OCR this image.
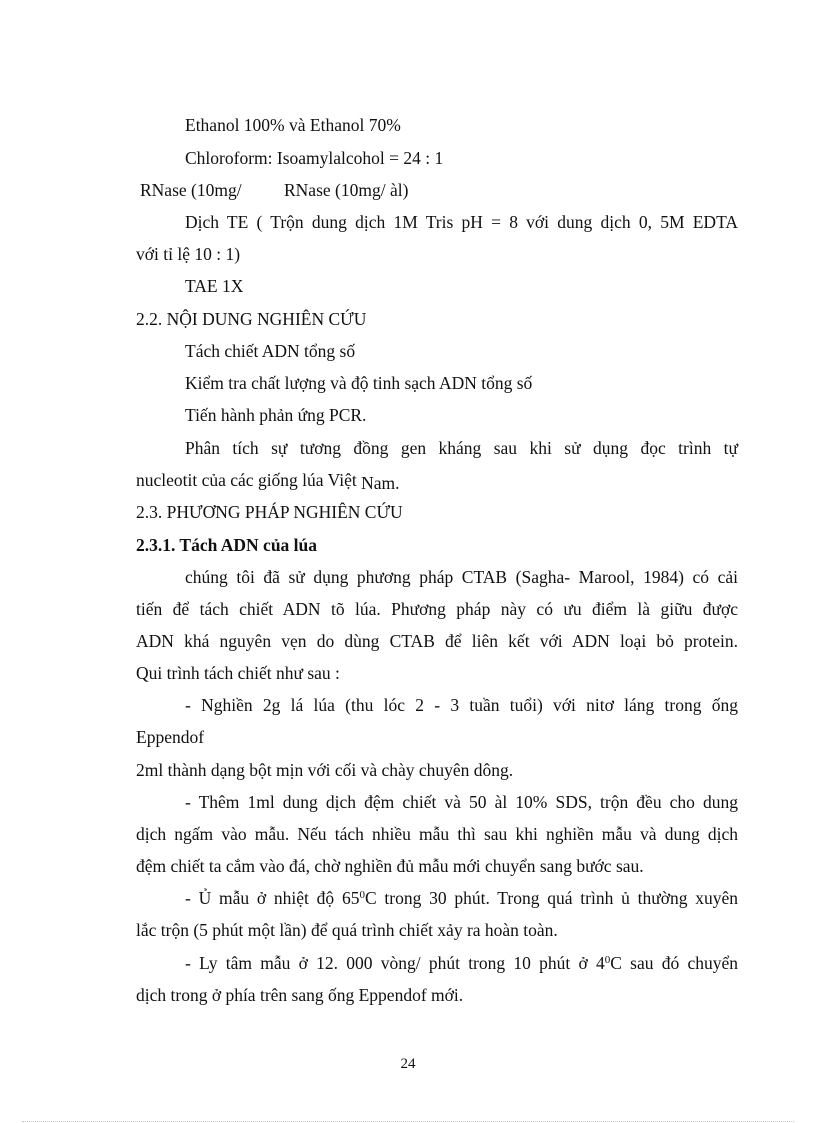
Ethanol 100% và Ethanol 70%
Chloroform: Isoamylalcohol = 24 : 1
RNase (10mg/ RNase (10mg/ àl)
Dịch TE ( Trộn dung dịch 1M Tris pH = 8 với dung dịch 0, 5M EDTA
với tỉ lệ 10 : 1)
TAE 1X
2.2. NỘI DUNG NGHIÊN CỨU
Tách chiết ADN tổng số
Kiểm tra chất lượng và độ tinh sạch ADN tổng số
Tiến hành phản ứng PCR.
Phân tích sự tương đồng gen kháng sau khi sử dụng đọc trình tự
nucleotit của các giống lúa Việt Nam.
2.3. PHƯƠNG PHÁP NGHIÊN CỨU
2.3.1. Tách ADN của lúa
chúng tôi đã sử dụng phương pháp CTAB (Sagha- Marool, 1984) có cải
tiến để tách chiết ADN tõ lúa. Phương pháp này có ưu điểm là giữu được
ADN khá nguyên vẹn do dùng CTAB để liên kết với ADN loại bỏ protein.
Qui trình tách chiết như sau :
- Nghiền 2g lá lúa (thu lóc 2 - 3 tuần tuổi) với nitơ láng trong ống
Eppendof
2ml thành dạng bột mịn với cối và chày chuyên dông.
- Thêm 1ml dung dịch đệm chiết và 50 àl 10% SDS, trộn đều cho dung
dịch ngấm vào mẫu. Nếu tách nhiều mẫu thì sau khi nghiền mẫu và dung dịch
đệm chiết ta cắm vào đá, chờ nghiền đủ mẫu mới chuyển sang bước sau.
- Ủ mẫu ở nhiệt độ $65^0C$ trong 30 phút. Trong quá trình ủ thường xuyên
lắc trộn (5 phút một lần) để quá trình chiết xảy ra hoàn toàn.
- Ly tâm mẫu ở 12. 000 vòng/ phút trong 10 phút ở $4^0C$ sau đó chuyển
dịch trong ở phía trên sang ống Eppendof mới.
24
